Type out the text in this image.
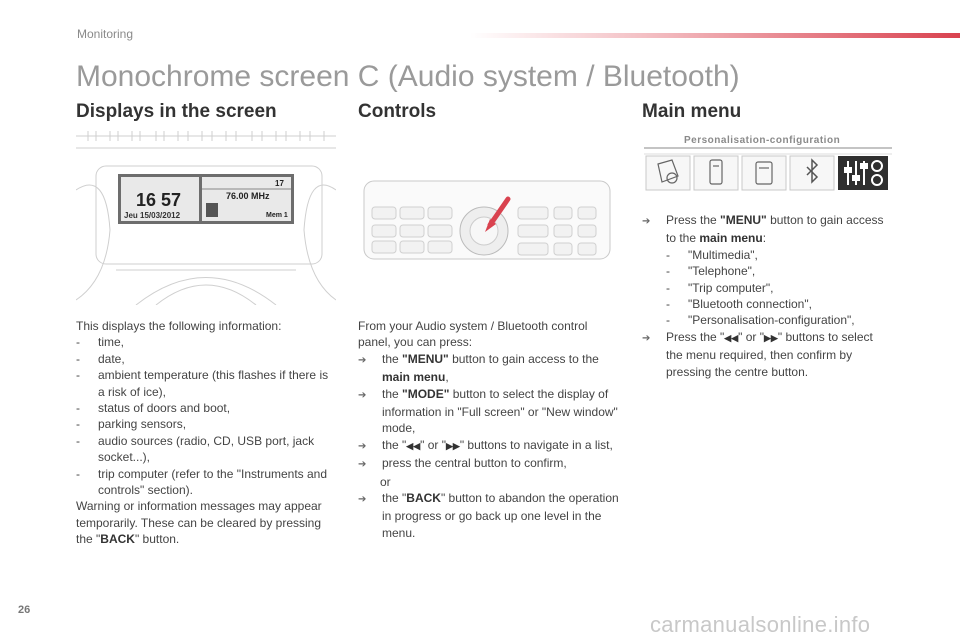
Monitoring
Monochrome screen C (Audio system / Bluetooth)
Displays in the screen
16 57
Jeu 15/03/2012
76.00 MHz
17
Mem 1

This displays the following information:

- time,

- date,

- ambient temperature (this flashes if there is a risk of ice),

- status of doors and boot,

- parking sensors,

- audio sources (radio, CD, USB port, jack socket...),

- trip computer (refer to the "Instruments and controls" section).

Warning or information messages may appear temporarily. These can be cleared by pressing the "BACK" button.

Controls

From your Audio system / Bluetooth control panel, you can press:

➔ the "MENU" button to gain access to the main menu,

➔ the "MODE" button to select the display of information in "Full screen" or "New window" mode,

➔ the "◀◀" or "▶▶" buttons to navigate in a list,

➔ press the central button to confirm,

or

➔ the "BACK" button to abandon the operation in progress or go back up one level in the menu.

Main menu
Personalisation-configuration

➔ Press the "MENU" button to gain access to the main menu:

- "Multimedia",

- "Telephone",

- "Trip computer",

- "Bluetooth connection",

- "Personalisation-configuration",

➔ Press the "◀◀" or "▶▶" buttons to select the menu required, then confirm by pressing the centre button.

26
carmanualsonline.info
